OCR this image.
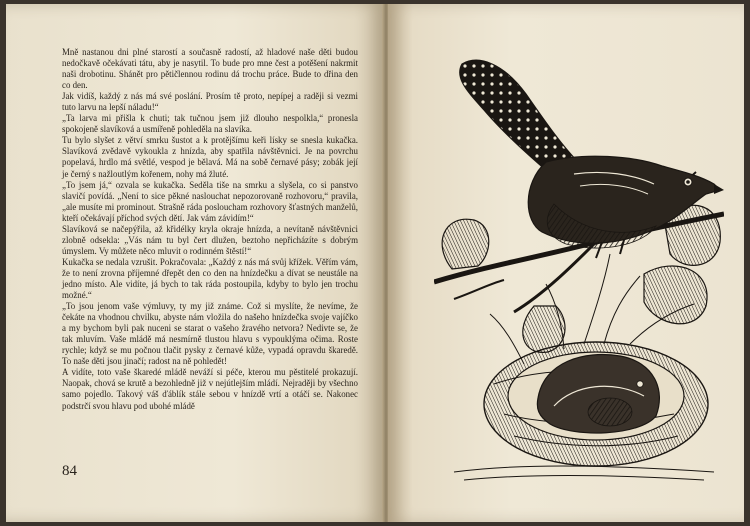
Mně nastanou dni plné starostí a současně radostí, až hladové naše děti budou nedočkavě očekávati tátu, aby je nasytil. To bude pro mne čest a potěšení nakrmit naši drobotinu. Shánět pro pětičlennou rodinu dá trochu práce. Bude to dřina den co den.

Jak vidíš, každý z nás má své poslání. Prosím tě proto, nepípej a raději si vezmi tuto larvu na lepší náladu!“

„Ta larva mi přišla k chuti; tak tučnou jsem již dlouho nespolkla,“ pronesla spokojeně slavíková a usmířeně pohleděla na slavíka.

Tu bylo slyšet z větví smrku šustot a k protějšímu keři lísky se snesla kukačka. Slavíková zvědavě vykoukla z hnízda, aby spatřila návštěvnici. Je na povrchu popelavá, hrdlo má světlé, vespod je bělavá. Má na sobě černavé pásy; zobák její je černý s nažloutlým kořenem, nohy má žluté.

„To jsem já,“ ozvala se kukačka. Seděla tiše na smrku a slyšela, co si panstvo slavičí povídá. „Není to sice pěkné naslouchat nepozorovaně rozhovoru,“ pravila, „ale musíte mi prominout. Strašně ráda posloucham rozhovory šťastných manželů, kteří očekávají příchod svých dětí. Jak vám závidím!“

Slavíková se načepýřila, až křidélky kryla okraje hnízda, a nevítaně návštěvnici zlobně odsekla: „Vás nám tu byl čert dlužen, beztoho nepřicházíte s dobrým úmyslem. Vy můžete něco mluvit o rodinném štěstí!“

Kukačka se nedala vzrušit. Pokračovala: „Každý z nás má svůj křížek. Věřím vám, že to není zrovna příjemné dřepět den co den na hnízdečku a dívat se neustále na jedno místo. Ale vidíte, já bych to tak ráda postoupila, kdyby to bylo jen trochu možné.“

„To jsou jenom vaše výmluvy, ty my již známe. Což si myslíte, že nevíme, že čekáte na vhodnou chvilku, abyste nám vložila do našeho hnízdečka svoje vajíčko a my bychom byli pak nuceni se starat o vašeho žravého netvora? Nedivte se, že tak mluvím. Vaše mládě má nesmírně tlustou hlavu s vypouklýma očima. Roste rychle; když se mu počnou tlačit pysky z černavé kůže, vypadá opravdu škaredě. To naše děti jsou jinačí; radost na ně pohledět!

A vidíte, toto vaše škaredé mládě neváží si péče, kterou mu pěstitelé prokazují. Naopak, chová se krutě a bezohledně již v nejútlejším mládí. Nejraději by všechno samo pojedlo. Takový váš ďáblík stále sebou v hnízdě vrtí a otáčí se. Nakonec podstrčí svou hlavu pod ubohé mládě

84
